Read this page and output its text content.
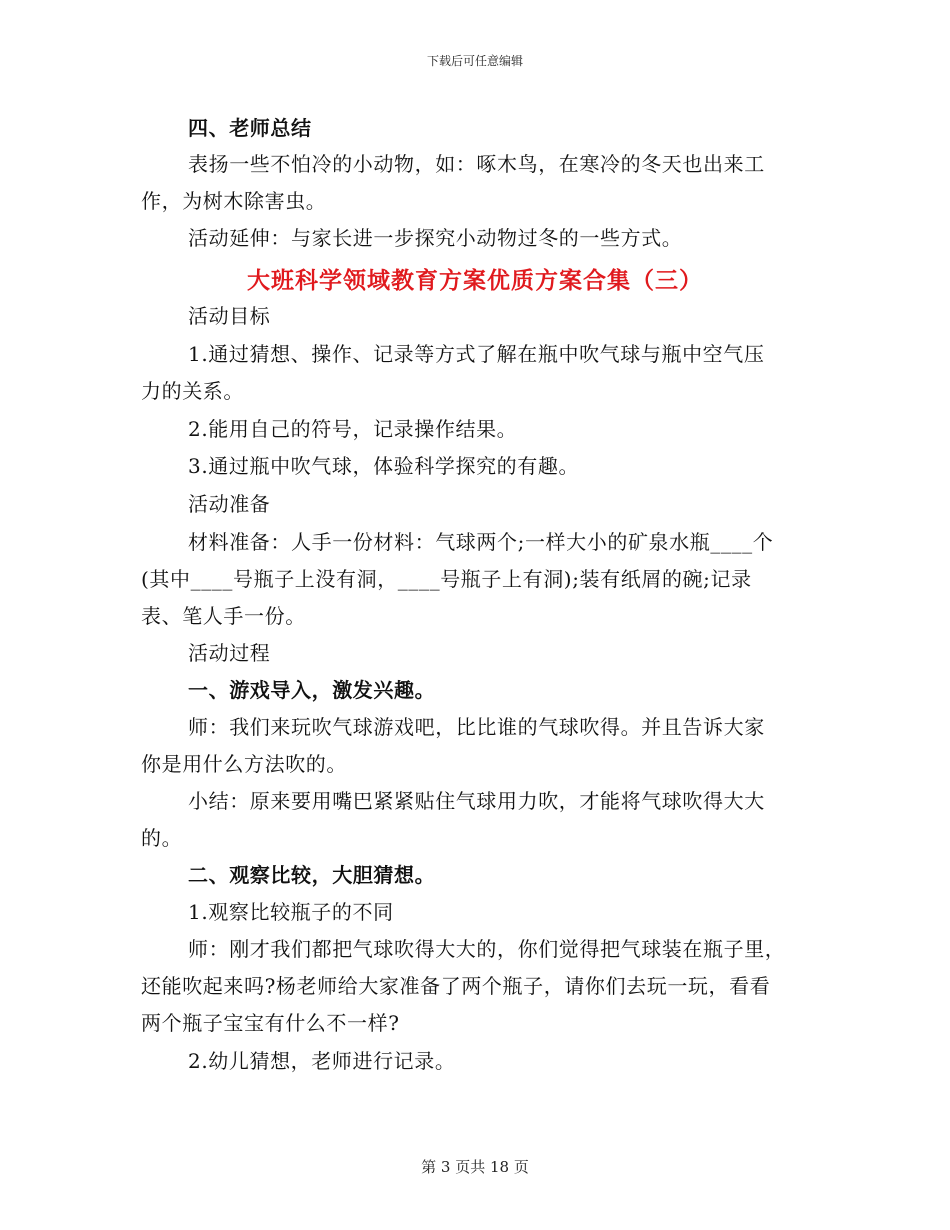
下载后可任意编辑
四、老师总结
表扬一些不怕冷的小动物，如：啄木鸟，在寒冷的冬天也出来工
作，为树木除害虫。
活动延伸：与家长进一步探究小动物过冬的一些方式。
大班科学领域教育方案优质方案合集（三）
活动目标
1.通过猜想、操作、记录等方式了解在瓶中吹气球与瓶中空气压
力的关系。
2.能用自己的符号，记录操作结果。
3.通过瓶中吹气球，体验科学探究的有趣。
活动准备
材料准备：人手一份材料：气球两个;一样大小的矿泉水瓶____个
(其中____号瓶子上没有洞，____号瓶子上有洞);装有纸屑的碗;记录
表、笔人手一份。
活动过程
一、游戏导入，激发兴趣。
师：我们来玩吹气球游戏吧，比比谁的气球吹得。并且告诉大家
你是用什么方法吹的。
小结：原来要用嘴巴紧紧贴住气球用力吹，才能将气球吹得大大
的。
二、观察比较，大胆猜想。
1.观察比较瓶子的不同
师：刚才我们都把气球吹得大大的，你们觉得把气球装在瓶子里，
还能吹起来吗?杨老师给大家准备了两个瓶子，请你们去玩一玩，看看
两个瓶子宝宝有什么不一样?
2.幼儿猜想，老师进行记录。
第 3 页共 18 页
